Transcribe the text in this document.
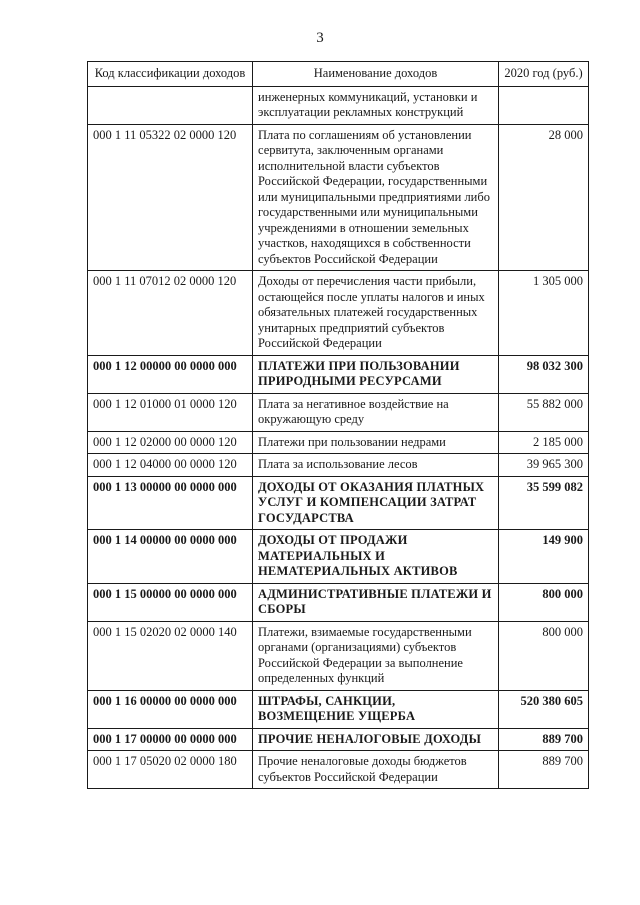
3
Код классификации доходов	Наименование доходов	2020 год (руб.)
	инженерных коммуникаций, установки и эксплуатации рекламных конструкций	
000 1 11 05322 02 0000 120	Плата по соглашениям об установлении сервитута, заключенным органами исполнительной власти субъектов Российской Федерации, государственными или муниципальными предприятиями либо государственными или муниципальными учреждениями в отношении земельных участков, находящихся в собственности субъектов Российской Федерации	28 000
000 1 11 07012 02 0000 120	Доходы от перечисления части прибыли, остающейся после уплаты налогов и иных обязательных платежей государственных унитарных предприятий субъектов Российской Федерации	1 305 000
000 1 12 00000 00 0000 000	ПЛАТЕЖИ ПРИ ПОЛЬЗОВАНИИ ПРИРОДНЫМИ РЕСУРСАМИ	98 032 300
000 1 12 01000 01 0000 120	Плата за негативное воздействие на окружающую среду	55 882 000
000 1 12 02000 00 0000 120	Платежи при пользовании недрами	2 185 000
000 1 12 04000 00 0000 120	Плата за использование лесов	39 965 300
000 1 13 00000 00 0000 000	ДОХОДЫ ОТ ОКАЗАНИЯ ПЛАТНЫХ УСЛУГ И КОМПЕНСАЦИИ ЗАТРАТ ГОСУДАРСТВА	35 599 082
000 1 14 00000 00 0000 000	ДОХОДЫ ОТ ПРОДАЖИ МАТЕРИАЛЬНЫХ И НЕМАТЕРИАЛЬНЫХ АКТИВОВ	149 900
000 1 15 00000 00 0000 000	АДМИНИСТРАТИВНЫЕ ПЛАТЕЖИ И СБОРЫ	800 000
000 1 15 02020 02 0000 140	Платежи, взимаемые государственными органами (организациями) субъектов Российской Федерации за выполнение определенных функций	800 000
000 1 16 00000 00 0000 000	ШТРАФЫ, САНКЦИИ, ВОЗМЕЩЕНИЕ УЩЕРБА	520 380 605
000 1 17 00000 00 0000 000	ПРОЧИЕ НЕНАЛОГОВЫЕ ДОХОДЫ	889 700
000 1 17 05020 02 0000 180	Прочие неналоговые доходы бюджетов субъектов Российской Федерации	889 700
